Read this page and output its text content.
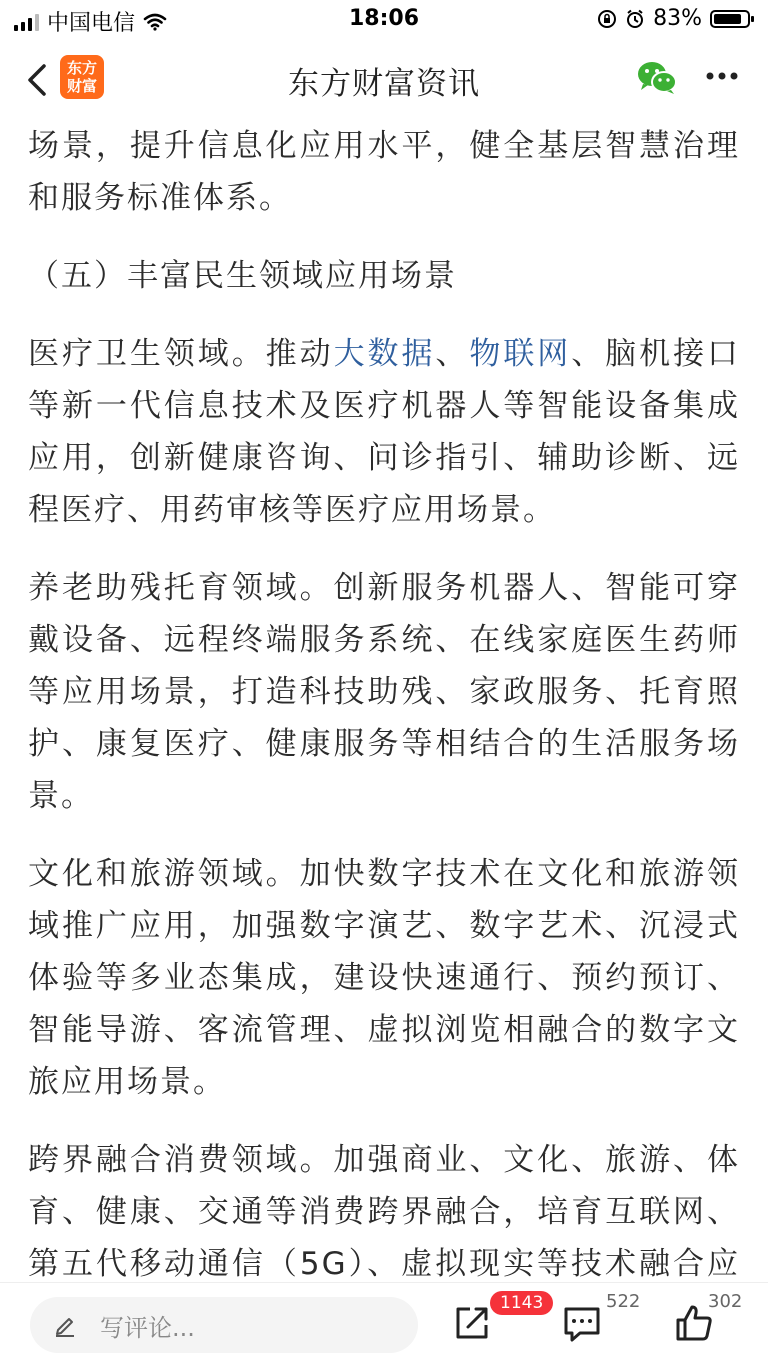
中国电信	18:06	83%
东方
财富	东方财富资讯

场景，提升信息化应用水平，健全基层智慧治理和服务标准体系。

（五）丰富民生领域应用场景

医疗卫生领域。推动大数据、物联网、脑机接口等新一代信息技术及医疗机器人等智能设备集成应用，创新健康咨询、问诊指引、辅助诊断、远程医疗、用药审核等医疗应用场景。

养老助残托育领域。创新服务机器人、智能可穿戴设备、远程终端服务系统、在线家庭医生药师等应用场景，打造科技助残、家政服务、托育照护、康复医疗、健康服务等相结合的生活服务场景。

文化和旅游领域。加快数字技术在文化和旅游领域推广应用，加强数字演艺、数字艺术、沉浸式体验等多业态集成，建设快速通行、预约预订、智能导游、客流管理、虚拟浏览相融合的数字文旅应用场景。

跨界融合消费领域。加强商业、文化、旅游、体育、健康、交通等消费跨界融合，培育互联网、第五代移动通信（5G）、虚拟现实等技术融合应

写评论...
1143	522	302
